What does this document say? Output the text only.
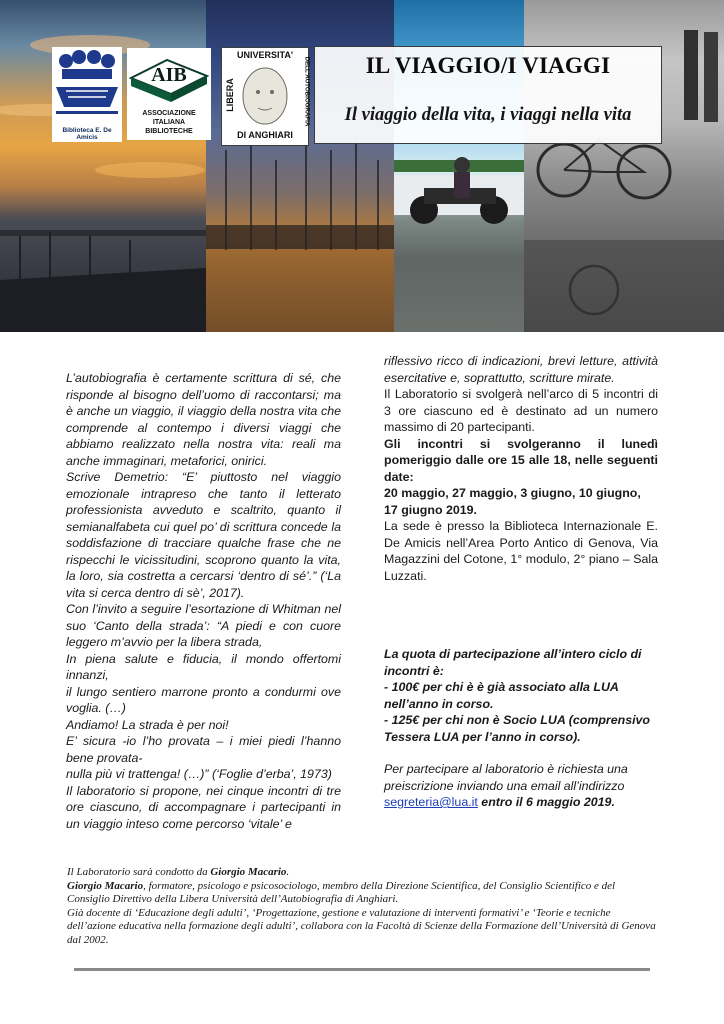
Biblioteca E. De Amicis
AIB
ASSOCIAZIONE
ITALIANA
BIBLIOTECHE
UNIVERSITA'
LIBERA	DELL'AUTOBIOGRAFIA
DI ANGHIARI
IL VIAGGIO/I VIAGGI
Il viaggio della vita, i viaggi nella vita

L’autobiografia è certamente scrittura di sé, che risponde al bisogno dell’uomo di raccontarsi; ma è anche un viaggio, il viaggio della nostra vita che comprende al contempo i diversi viaggi che abbiamo realizzato nella nostra vita: reali ma anche immaginari, metaforici, onirici.

Scrive Demetrio: “E’ piuttosto nel viaggio emozionale intrapreso che tanto il letterato professionista avveduto e scaltrito, quanto il semianalfabeta cui quel po’ di scrittura concede la soddisfazione di tracciare qualche frase che ne rispecchi le vicissitudini, scoprono quanto la vita, la loro, sia costretta a cercarsi ‘dentro di sé’.” (‘La vita si cerca dentro di sè’, 2017).

Con l’invito a seguire l’esortazione di Whitman nel suo ‘Canto della strada’: “A piedi e con cuore leggero m’avvio per la libera strada,

In piena salute e fiducia, il mondo offertomi innanzi,

il lungo sentiero marrone pronto a condurmi ove voglia. (…)

Andiamo! La strada è per noi!

E’ sicura -io l’ho provata – i miei piedi l’hanno bene provata-

nulla più vi trattenga! (…)” (‘Foglie d’erba’, 1973)

Il laboratorio si propone, nei cinque incontri di tre ore ciascuno, di accompagnare i partecipanti in un viaggio inteso come percorso ‘vitale’ e

riflessivo ricco di indicazioni, brevi letture, attività esercitative e, soprattutto, scritture mirate.

Il Laboratorio si svolgerà nell’arco di 5 incontri di 3 ore ciascuno ed è destinato ad un numero massimo di 20 partecipanti.

Gli incontri si svolgeranno il lunedì pomeriggio dalle ore 15 alle 18, nelle seguenti date:

20 maggio, 27 maggio, 3 giugno, 10 giugno, 17 giugno 2019.

La sede è presso la Biblioteca Internazionale E. De Amicis nell’Area Porto Antico di Genova, Via Magazzini del Cotone, 1° modulo, 2° piano – Sala Luzzati.

La quota di partecipazione all’intero ciclo di incontri è:

- 100€ per chi è è già associato alla LUA nell’anno in corso.

- 125€ per chi non è Socio LUA (comprensivo Tessera LUA per l’anno in corso).

Per partecipare al laboratorio è richiesta una preiscrizione inviando una email all’indirizzo
segreteria@lua.it entro il 6 maggio 2019.

Il Laboratorio sarà condotto da Giorgio Macario.

Giorgio Macario, formatore, psicologo e psicosociologo, membro della Direzione Scientifica, del Consiglio Scientifico e del Consiglio Direttivo della Libera Università dell’Autobiografia di Anghiari.

Già docente di ‘Educazione degli adulti’, ‘Progettazione, gestione e valutazione di interventi formativi’ e ‘Teorie e tecniche dell’azione educativa nella formazione degli adulti’, collabora con la Facoltà di Scienze della Formazione dell’Università di Genova dal 2002.
